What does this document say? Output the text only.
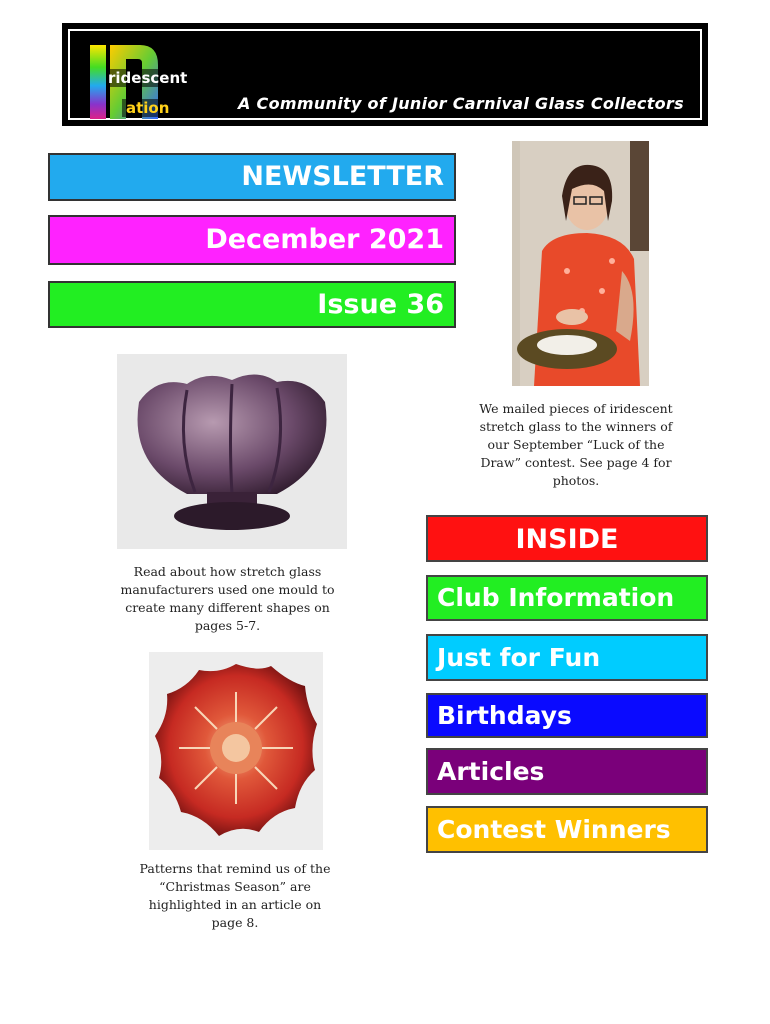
ridescent
ation	A Community of Junior Carnival Glass Collectors
NEWSLETTER
December 2021
Issue 36
We mailed pieces of iridescent stretch glass to the winners of our September “Luck of the Draw” contest. See page 4 for photos.
Read about how stretch glass manufacturers used one mould to create many different shapes on pages 5-7.
Patterns that remind us of the “Christmas Season” are highlighted in an article on page 8.
INSIDE
Club Information
Just for Fun
Birthdays
Articles
Contest Winners
